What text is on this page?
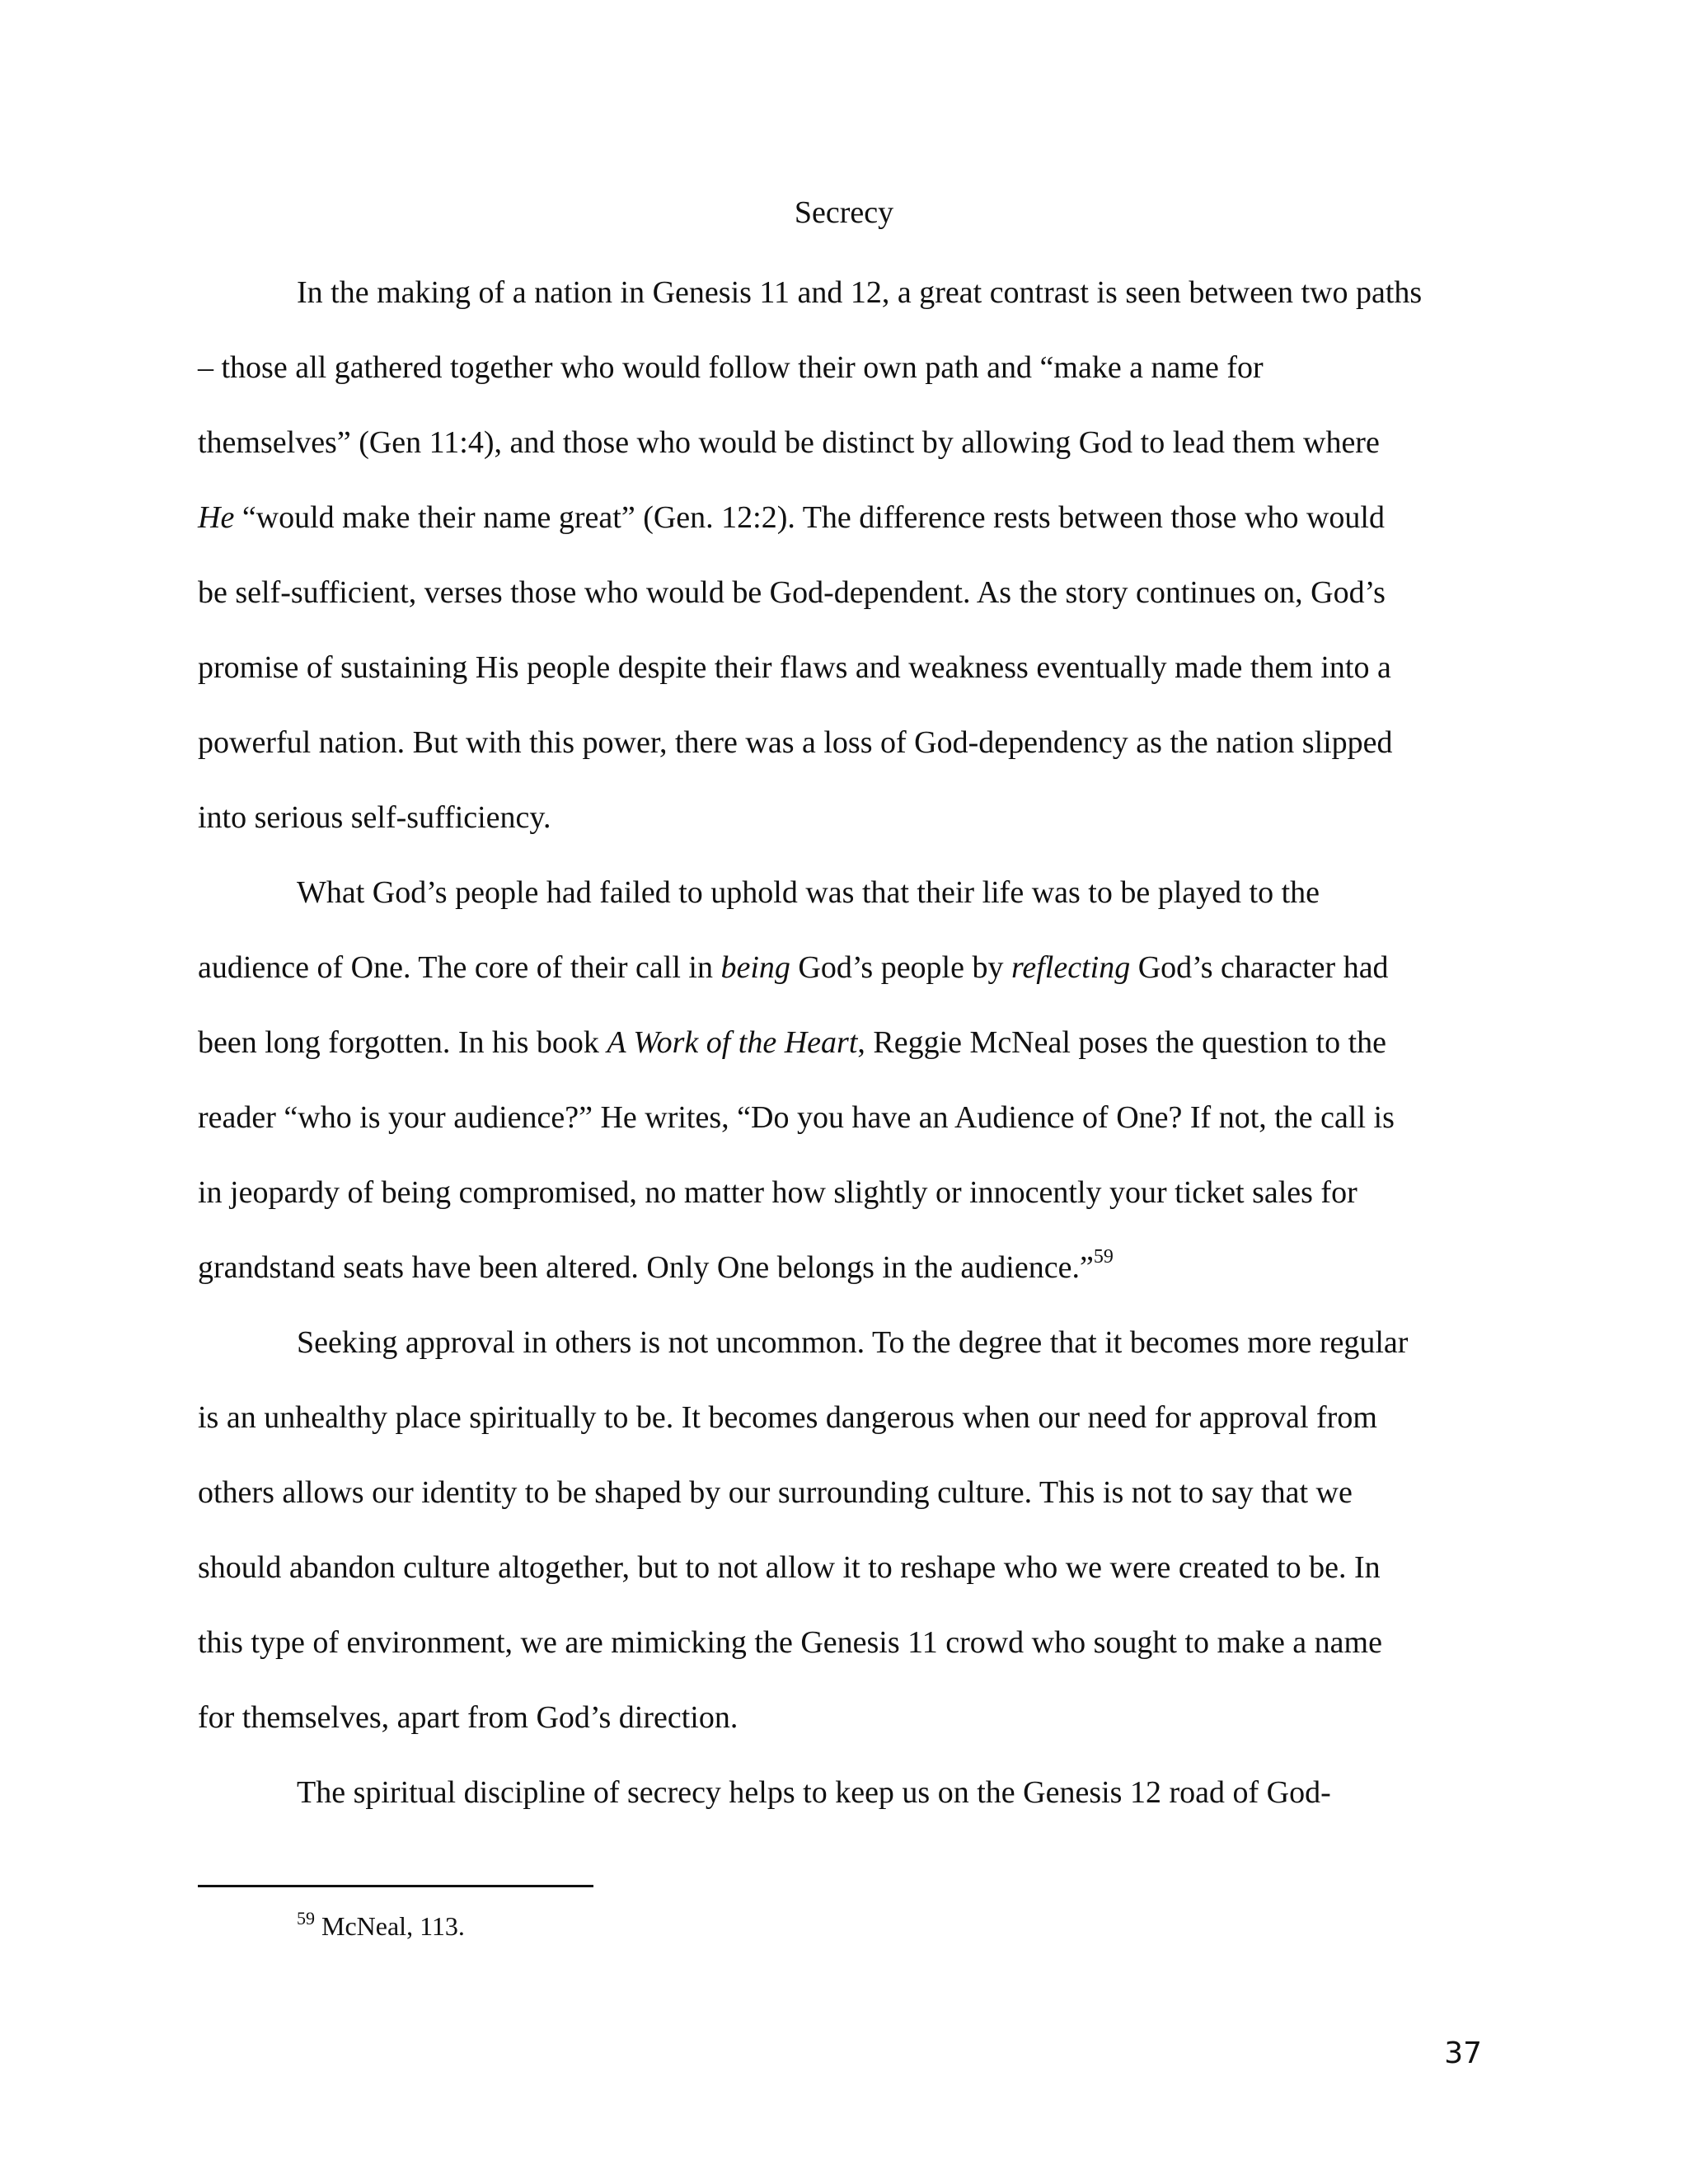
Secrecy
In the making of a nation in Genesis 11 and 12, a great contrast is seen between two paths
– those all gathered together who would follow their own path and “make a name for
themselves” (Gen 11:4), and those who would be distinct by allowing God to lead them where
He “would make their name great” (Gen. 12:2). The difference rests between those who would
be self-sufficient, verses those who would be God-dependent. As the story continues on, God’s
promise of sustaining His people despite their flaws and weakness eventually made them into a
powerful nation. But with this power, there was a loss of God-dependency as the nation slipped
into serious self-sufficiency.
What God’s people had failed to uphold was that their life was to be played to the
audience of One. The core of their call in being God’s people by reflecting God’s character had
been long forgotten. In his book A Work of the Heart, Reggie McNeal poses the question to the
reader “who is your audience?” He writes, “Do you have an Audience of One? If not, the call is
in jeopardy of being compromised, no matter how slightly or innocently your ticket sales for
grandstand seats have been altered. Only One belongs in the audience.”$^{59}$
Seeking approval in others is not uncommon. To the degree that it becomes more regular
is an unhealthy place spiritually to be. It becomes dangerous when our need for approval from
others allows our identity to be shaped by our surrounding culture. This is not to say that we
should abandon culture altogether, but to not allow it to reshape who we were created to be. In
this type of environment, we are mimicking the Genesis 11 crowd who sought to make a name
for themselves, apart from God’s direction.
The spiritual discipline of secrecy helps to keep us on the Genesis 12 road of God-
$^{59}$ McNeal, 113.
37
